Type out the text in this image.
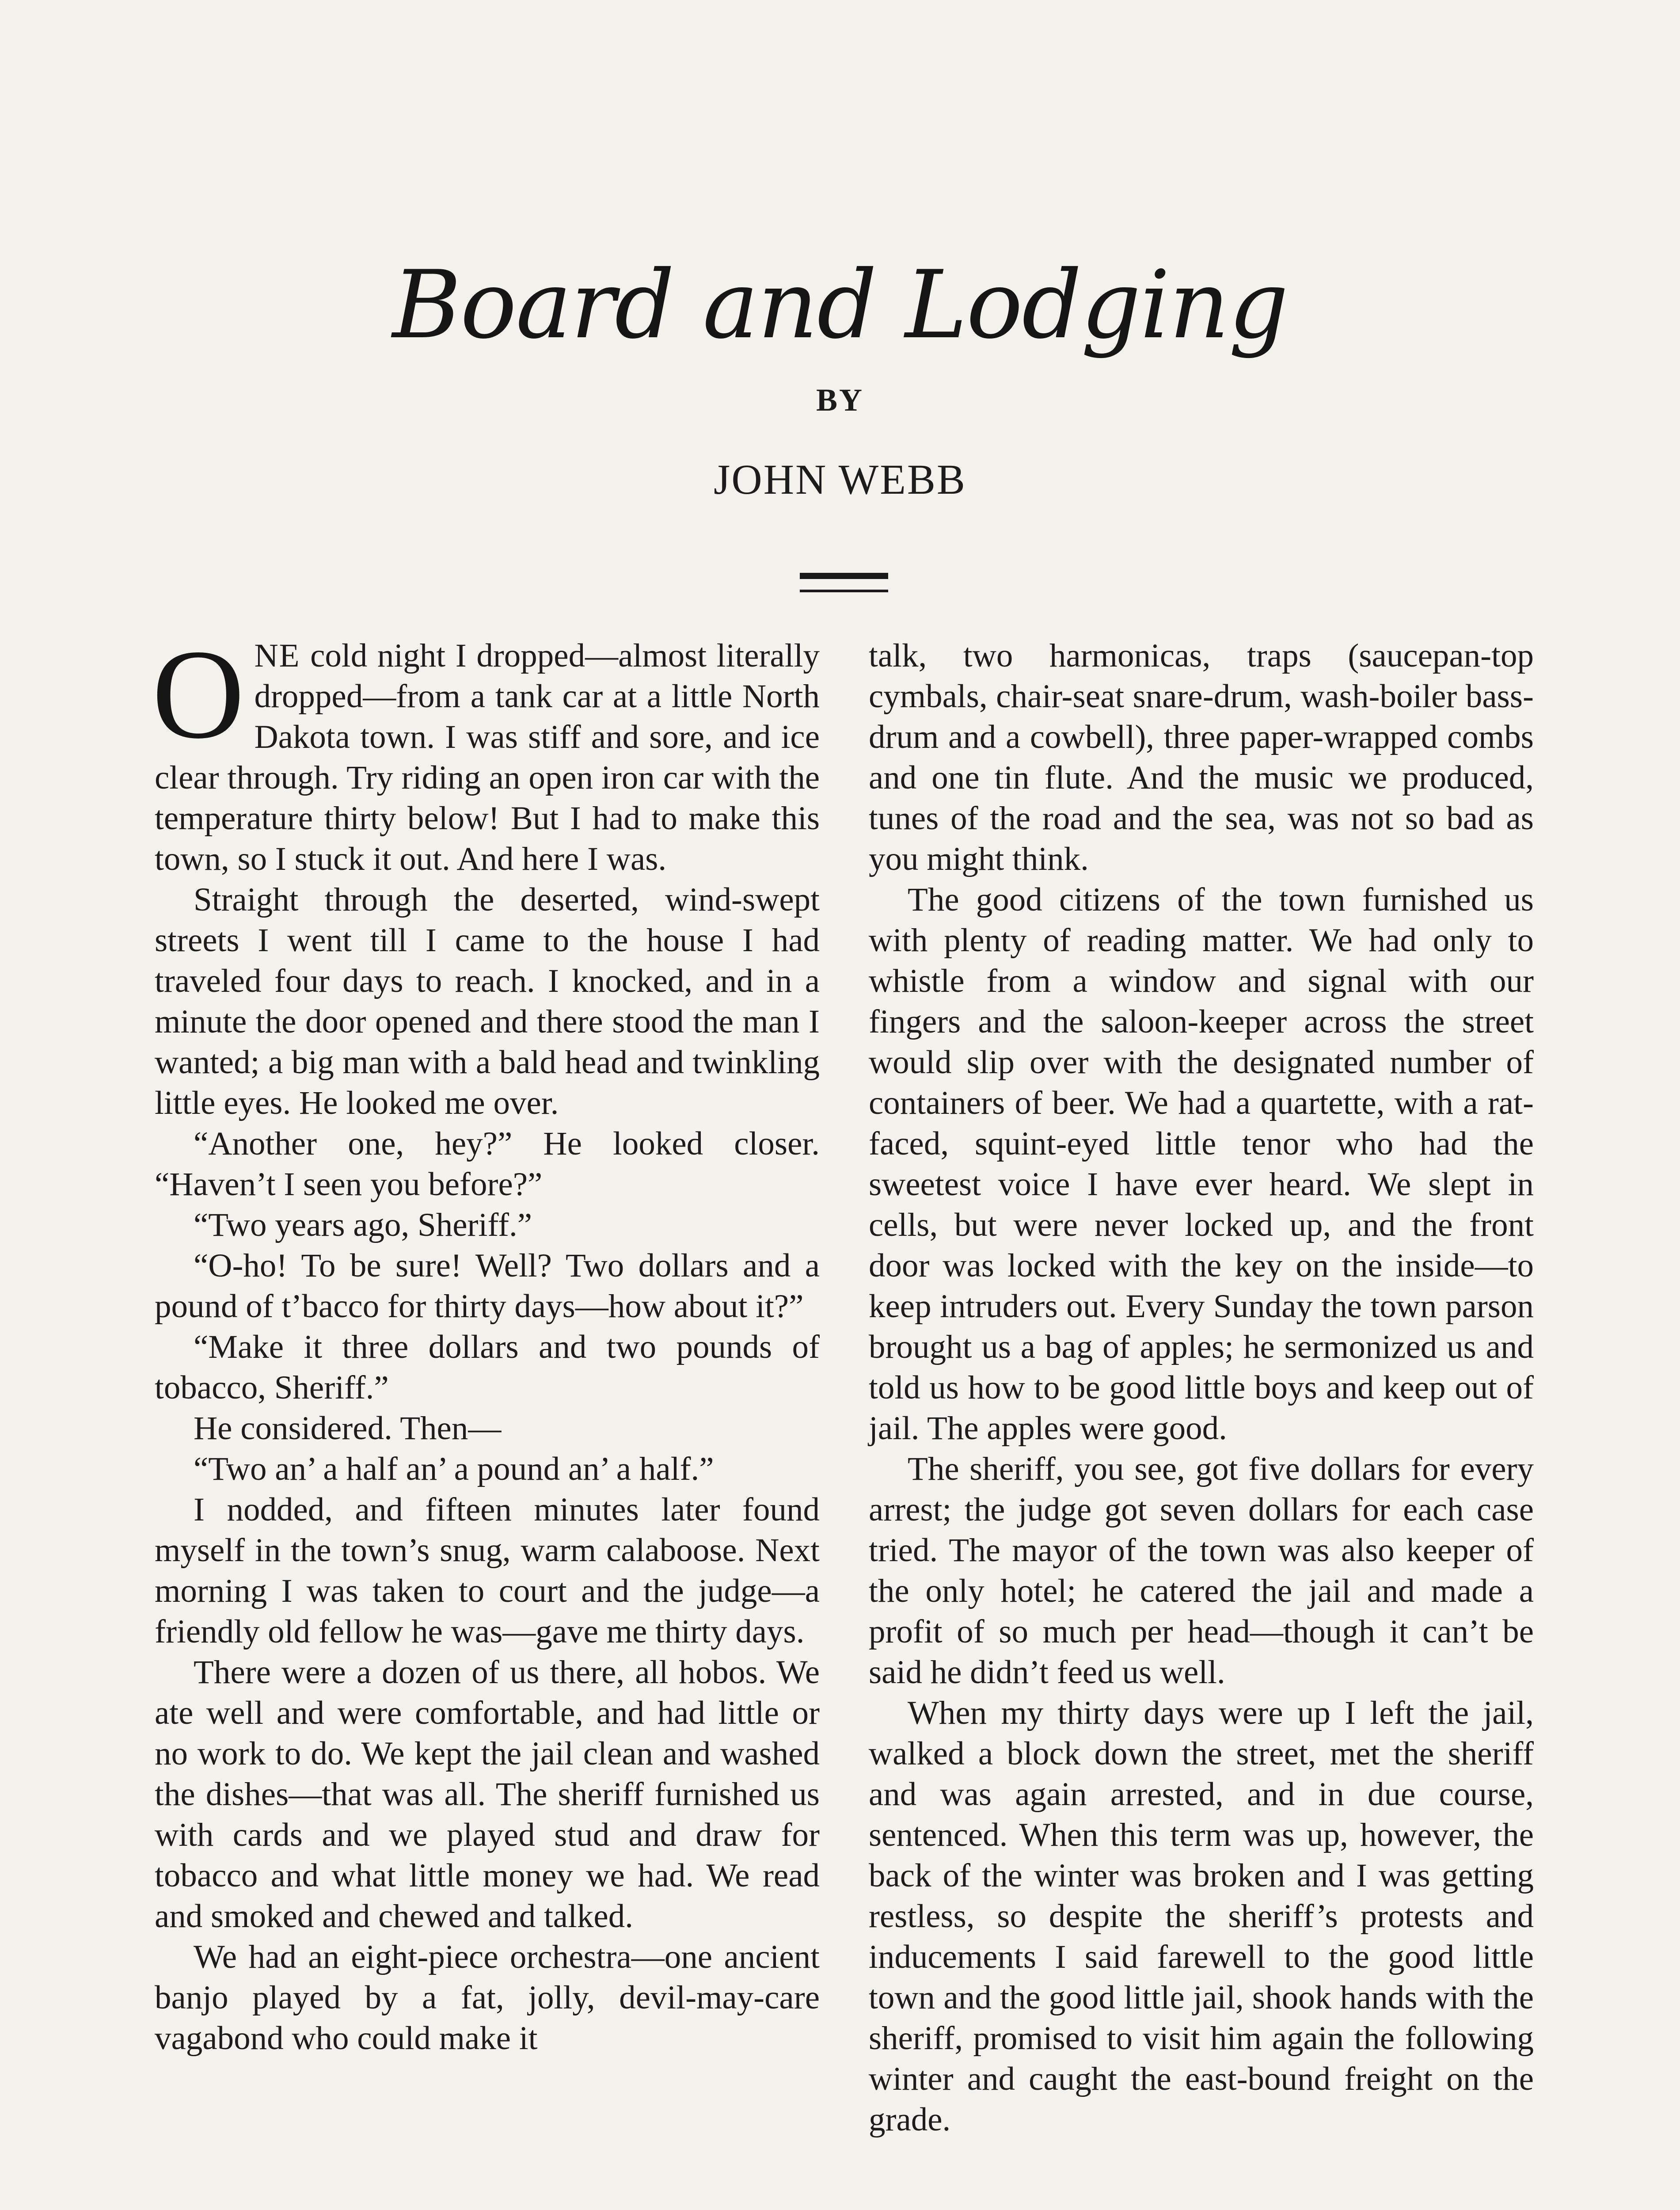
Board and Lodging
BY
JOHN WEBB

ONE cold night I dropped—almost literally dropped—from a tank car at a little North Dakota town. I was stiff and sore, and ice clear through. Try riding an open iron car with the temperature thirty below! But I had to make this town, so I stuck it out. And here I was.

Straight through the deserted, wind-swept streets I went till I came to the house I had traveled four days to reach. I knocked, and in a minute the door opened and there stood the man I wanted; a big man with a bald head and twinkling little eyes. He looked me over.

“Another one, hey?” He looked closer. “Haven’t I seen you before?”

“Two years ago, Sheriff.”

“O-ho! To be sure! Well? Two dollars and a pound of t’bacco for thirty days—how about it?”

“Make it three dollars and two pounds of tobacco, Sheriff.”

He considered. Then—

“Two an’ a half an’ a pound an’ a half.”

I nodded, and fifteen minutes later found myself in the town’s snug, warm calaboose. Next morning I was taken to court and the judge—a friendly old fellow he was—gave me thirty days.

There were a dozen of us there, all hobos. We ate well and were comfortable, and had little or no work to do. We kept the jail clean and washed the dishes—that was all. The sheriff furnished us with cards and we played stud and draw for tobacco and what little money we had. We read and smoked and chewed and talked.

We had an eight-piece orchestra—one ancient banjo played by a fat, jolly, devil-may-care vagabond who could make it

talk, two harmonicas, traps (saucepan-top cymbals, chair-seat snare-drum, wash-boiler bass-drum and a cowbell), three paper-wrapped combs and one tin flute. And the music we produced, tunes of the road and the sea, was not so bad as you might think.

The good citizens of the town furnished us with plenty of reading matter. We had only to whistle from a window and signal with our fingers and the saloon-keeper across the street would slip over with the designated number of containers of beer. We had a quartette, with a rat-faced, squint-eyed little tenor who had the sweetest voice I have ever heard. We slept in cells, but were never locked up, and the front door was locked with the key on the inside—to keep intruders out. Every Sunday the town parson brought us a bag of apples; he sermonized us and told us how to be good little boys and keep out of jail. The apples were good.

The sheriff, you see, got five dollars for every arrest; the judge got seven dollars for each case tried. The mayor of the town was also keeper of the only hotel; he catered the jail and made a profit of so much per head—though it can’t be said he didn’t feed us well.

When my thirty days were up I left the jail, walked a block down the street, met the sheriff and was again arrested, and in due course, sentenced. When this term was up, however, the back of the winter was broken and I was getting restless, so despite the sheriff’s protests and inducements I said farewell to the good little town and the good little jail, shook hands with the sheriff, promised to visit him again the following winter and caught the east-bound freight on the grade.
